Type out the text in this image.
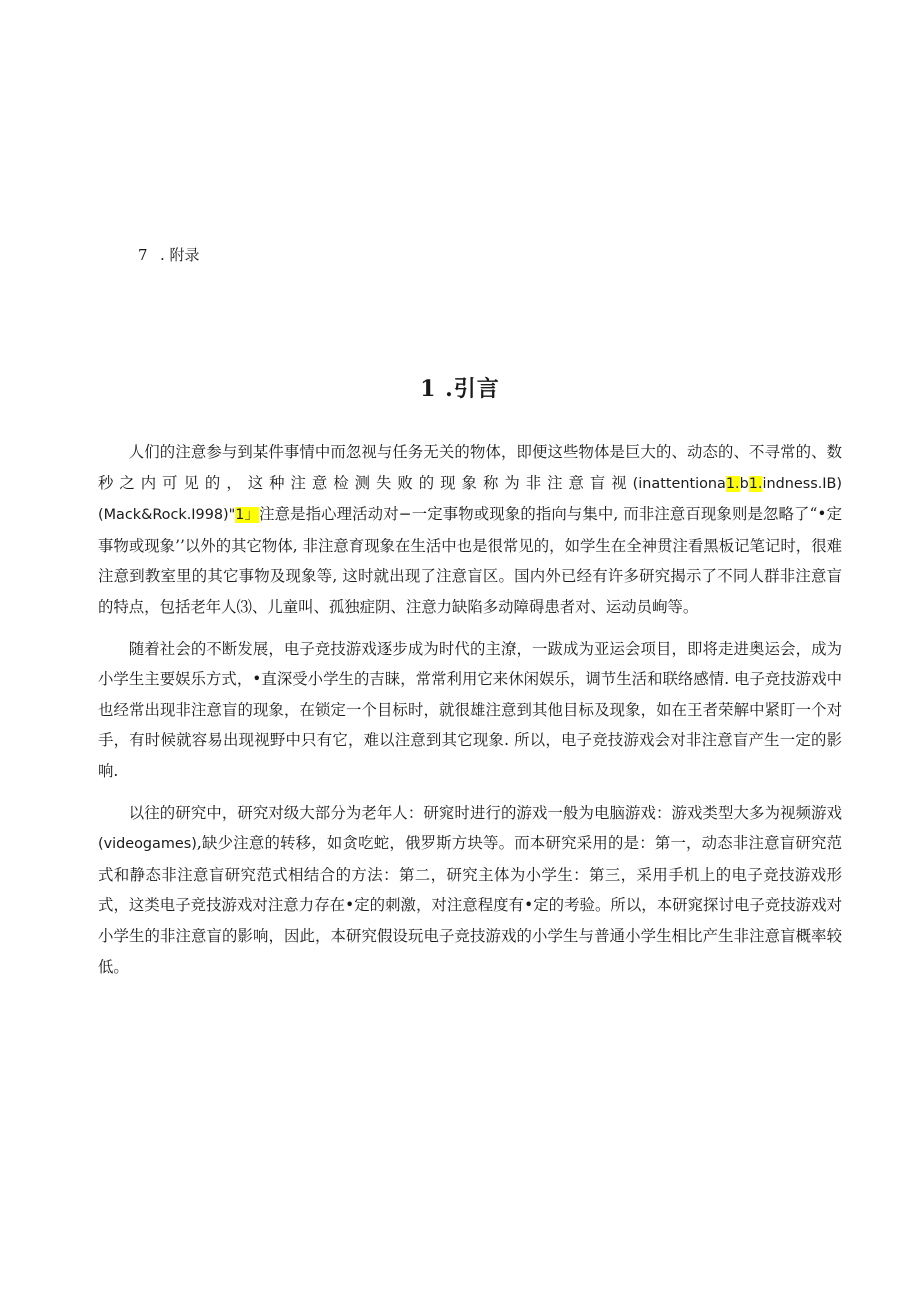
7 . 附录
1 .引言

人们的注意参与到某件事情中而忽视与任务无关的物体，即便这些物体是巨大的、动态的、不寻常的、数秒之内可见的，这种注意检测失败的现象称为非注意盲视(inattentiona1.b1.indness.IB)(Mack&Rock.I998)"1」注意是指心理活动对−一定事物或现象的指向与集中, 而非注意百现象则是忽略了“•定事物或现象’’以外的其它物体, 非注意育现象在生活中也是很常见的，如学生在全神贯注看黑板记笔记时，很难注意到教室里的其它事物及现象等, 这时就出现了注意盲区。国内外已经有许多研究揭示了不同人群非注意盲的特点，包括老年人⑶、儿童叫、孤独症阴、注意力缺陷多动障碍患者对、运动员峋等。

随着社会的不断发展，电子竞技游戏逐步成为时代的主潦，一跋成为亚运会项目，即将走进奥运会，成为小学生主要娱乐方式，•直深受小学生的吉睐，常常利用它来休闲娱乐，调节生活和联络感情. 电子竞技游戏中也经常出现非注意盲的现象，在锁定一个目标时，就很雄注意到其他目标及现象，如在王者荣解中紧盯一个对手，有时候就容易出现视野中只有它，难以注意到其它现象. 所以，电子竞技游戏会对非注意盲产生一定的影响.

以往的研究中，研究对级大部分为老年人：研窕时进行的游戏一般为电脑游戏：游戏类型大多为视频游戏(videogames),缺少注意的转移，如贪吃蛇，俄罗斯方块等。而本研究采用的是：第一，动态非注意盲研究范式和静态非注意盲研究范式相结合的方法：第二，研究主体为小学生：第三，采用手机上的电子竞技游戏形式，这类电子竞技游戏对注意力存在•定的刺激，对注意程度有•定的考验。所以，本研窕探讨电子竞技游戏对小学生的非注意盲的影响，因此，本研究假设玩电子竞技游戏的小学生与普通小学生相比产生非注意盲概率较低。
